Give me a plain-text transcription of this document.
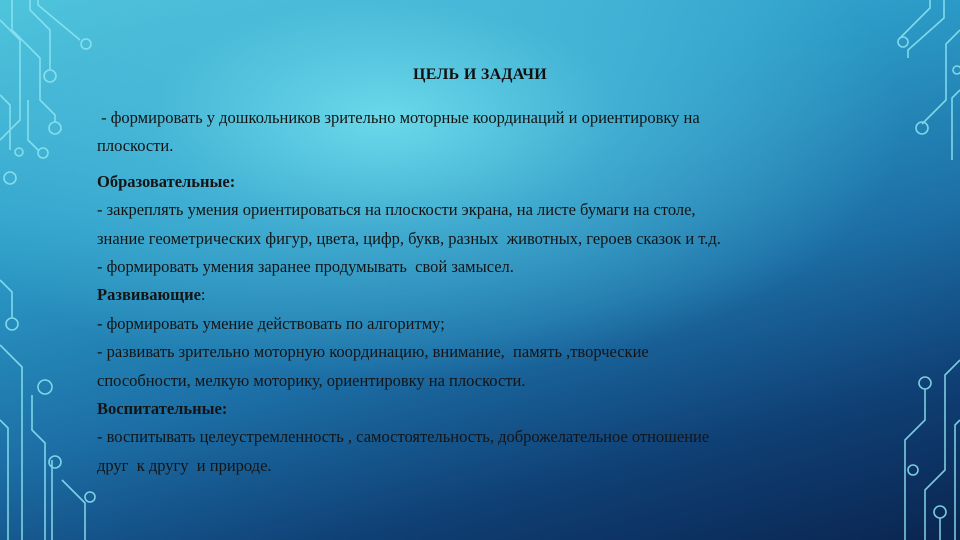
ЦЕЛЬ И ЗАДАЧИ

- формировать у дошкольников зрительно моторные координаций и ориентировку на

плоскости.

Образовательные:

- закреплять умения ориентироваться на плоскости экрана, на листе бумаги на столе,

знание геометрических фигур, цвета, цифр, букв, разных  животных, героев сказок и т.д.

- формировать умения заранее продумывать  свой замысел.

Развивающие:

- формировать умение действовать по алгоритму;

- развивать зрительно моторную координацию, внимание,  память ,творческие

способности, мелкую моторику, ориентировку на плоскости.

Воспитательные:

- воспитывать целеустремленность , самостоятельность, доброжелательное отношение

друг  к другу  и природе.
